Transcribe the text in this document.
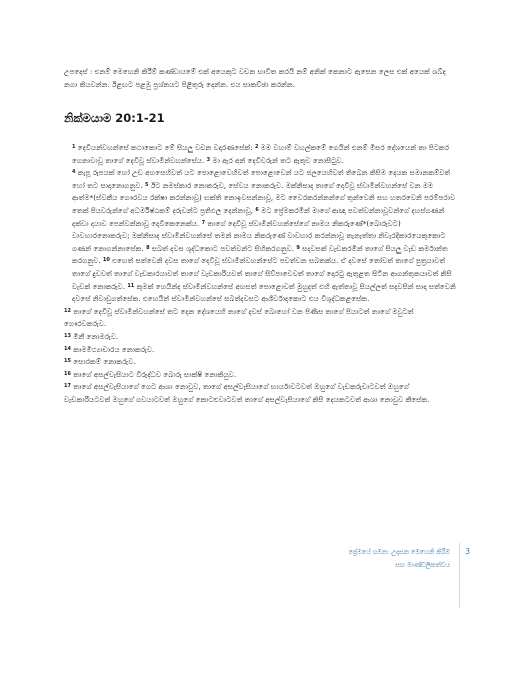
උපදෙස් : එනම් මෙහෙනි කිරීම් කණ්ඩායමේ එක් අයෙකුට වචන භාවිත කරයි නම් අනික් කෙනාට ඇසෙන ලෙස එක් අයෙක් ශබ්ද නගා කියවන්න. ඊළඟට පළමු ප්‍රශ්නයට පිළිතුරු දෙන්න. එය සාකච්ඡා කරන්න.

නික්මයාම 20:1-21
$^1$ දෙවියන්වහන්සේ කථාකොට මේ සියලු වචන වදාරණසේක්: $^2$ මම වහාම් වහල්කමේ ගෙයින් එනම් මිසර දේශයෙන් තා පිටකර ගෙනාවාවූ තාගේ දෙවිවූ ස්වාමීන්වහන්සේය. $^3$ මා ඇර අන් දෙවිවරුන් තට ඇතුව නොසිටුව.
$^4$ කැපූ රූපයක් හෝ උඩ අහසෙහිවත් යට පොළොවෙහිවත් පොළොවෙන් යට ජලයෙහිවත් තිබෙන කිසිම දෙයක සමානකම්වත් හෝ තට සාදානොගනුව. $^5$ ඊට නමස්කාර නොකරුව, සේවය නොකරුව. මක්නිසාද තාගේ දෙවිවූ ස්වාමීන්වහන්සේ වන මම ආත්ම*(ස්වකීය ගෞරවය රක්ෂා කරන්නාවූ) භක්ති නොඉවසන්නාවූ, මට වෛරකරන්නන්ගේ තුන්වෙනි සහ හතරවෙනි පරම්පරාව තෙක් පියවරුන්ගේ අධර්මිෂ්ඨකම් දරුවන්ට ප්‍රතිඵල දෙන්නාවූ, $^6$ මට ප්‍රේමකරමින් මාගේ ආඥා පවත්වන්නාවූවන්ගේ දහස්ගණන් දක්වා දයාව පෙන්වන්නාවූ දෙවිකෙනෙක්ය. $^7$ තාගේ දෙවිවූ ස්වාමීන්වහන්සේගේ නාමය නිකරුණේ*(බොරුවට) වාවහාරනොකරුව; මක්නිසාද ස්වාමීන්වහන්සේ තමන් නාමය නිකරුණේ වාවහාර කරන්නාවූ තැනැත්තා නිවැරදිකාරයෙකුකොට ගණන් නොගන්නාසේක. $^8$ සබත් දවස ශුද්ධකොට පවත්වන්ට සිහිකරගනුව. $^9$ සදවසක් වැඩකරමින් තාගේ සියලු වැඩ කර්මාන්ත කරගනුව. $^{10}$ එහෙත් සත්වෙනි දවස තාගේ දෙවිවූ ස්වාමීන්වහන්සේට පවත්වන සබතක්ය. ඒ දවසේ තෝවත් තාගේ පුත්‍රයාවත් තාගේ දුවවත් තාගේ වැඩකාරයාවත් තාගේ වැඩකාරියවත් තාගේ සිව්පාවෙවත් තාගේ දොරටු ඇතුළත සිටින ආගන්තුකයාවත් කිසි වැඩක් නොකරුව. $^{11}$ කුමක් හෙයින්ද ස්වාමීන්වහන්සේ අහසත් පොළොවත් මුහුදත් එහි ඇත්තාවූ සියල්ලත් සදවසින් සාදා සත්වෙනි දවසේ නිවාඩුගත්සේක. එහෙයින් ස්වාමීන්වහන්සේ සබත්දවසට ආශීර්වාදකොට එය විශුද්ධකළසේක.
$^{12}$ තාගේ දෙවිවූ ස්වාමීන්වහන්සේ තට දෙන දේශයෙහි තාගේ දවස් බොහෝ වන පිණිස තාගේ පියාටත් තාගේ මවුටත් ගෞරවකරුව.
$^{13}$ මිනී නොමරුව.
$^{14}$ කාමමිථ්‍යාචාරය නොකරුව.
$^{15}$ සොරකම් නොකරුව.
$^{16}$ තාගේ අසල්වැසියාට විරුද්ධව බොරු සාක්ෂි නොකියුව.
$^{17}$ තාගේ අසල්වැසියාගේ ගෙට ආශා නොවුව, තාගේ අසල්වැසියාගේ භාර්යාවටවත් ඔහුගේ වැඩකරුවාටවත් ඔහුගේ වැඩකාරියටවත් ඔහුගේ ගවයාටවත් ඔහුගේ කොටළුවාටවත් තාගේ අසල්වැසියාගේ කිසි දෙයකටවත් ආශා නොවුව කීසේක.
ප්‍රේමයේ ගමන: උදාසන මෙහෙනි කිරීම
සහ මාණ්ඩලිකත්වය
3
